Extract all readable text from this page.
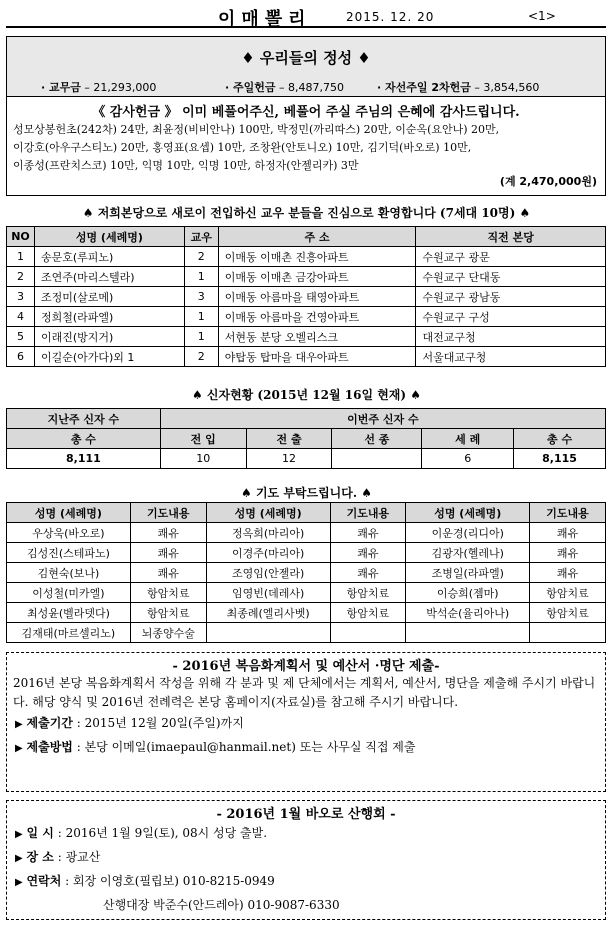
이매뽈리	2015. 12. 20	<1>
♦ 우리들의 정성 ♦
· 교무금 – 21,293,000	· 주일헌금 – 8,487,750	· 자선주일 2차헌금 – 3,854,560
《 감사헌금 》 이미 베풀어주신, 베풀어 주실 주님의 은혜에 감사드립니다.
성모상봉헌초(242차) 24만, 최윤정(비비안나) 100만, 박정민(까리따스) 20만, 이순옥(요안나) 20만,
이강호(아우구스티노) 20만, 홍영표(요셉) 10만, 조창완(안토니오) 10만, 김기덕(바오로) 10만,
이종성(프란치스코) 10만, 익명 10만, 익명 10만, 하정자(안젤리카) 3만
(계 2,470,000원)
♠ 저희본당으로 새로이 전입하신 교우 분들을 진심으로 환영합니다 (7세대 10명) ♠
NO	성명 (세례명)	교우	주 소	직전 본당
1	송문호(루피노)	2	이매동 이매촌 진흥아파트	수원교구 광문
2	조연주(마리스텔라)	1	이매동 이매촌 금강아파트	수원교구 단대동
3	조정미(살로메)	3	이매동 아름마을 태영아파트	수원교구 광남동
4	정희철(라파엘)	1	이매동 아름마을 건영아파트	수원교구 구성
5	이래진(방지거)	1	서현동 분당 오벨리스크	대전교구청
6	이길순(아가다)외 1	2	야탑동 탑마을 대우아파트	서울대교구청
♠ 신자현황 (2015년 12월 16일 현재) ♠
지난주 신자 수	이번주 신자 수				
총 수	전 입	전 출	선 종	세 례	총 수
8,111	10	12		6	8,115
♠ 기도 부탁드립니다. ♠
성명 (세례명)	기도내용	성명 (세례명)	기도내용	성명 (세례명)	기도내용
우상욱(바오로)	쾌유	정옥희(마리아)	쾌유	이운경(리디아)	쾌유
김성진(스테파노)	쾌유	이경주(마리아)	쾌유	김광자(헬레나)	쾌유
김현숙(보나)	쾌유	조영임(안젤라)	쾌유	조병일(라파엘)	쾌유
이성철(미카엘)	항암치료	임영빈(데레사)	항암치료	이승희(젬마)	항암치료
최성윤(벨라뎃다)	항암치료	최종례(엘리사벳)	항암치료	박석순(율리아나)	항암치료
김재태(마르셀리노)	뇌종양수술				
- 2016년 복음화계획서 및 예산서 ·명단 제출-

2016년 본당 복음화계획서 작성을 위해 각 분과 및 제 단체에서는 계획서, 예산서, 명단을 제출해 주시기 바랍니다. 해당 양식 및 2016년 전례력은 본당 홈페이지(자료실)를 참고해 주시기 바랍니다.

▶ 제출기간 : 2015년 12월 20일(주일)까지
▶ 제출방법 : 본당 이메일(imaepaul@hanmail.net) 또는 사무실 직접 제출
- 2016년 1월 바오로 산행회 -
▶ 일 시 : 2016년 1월 9일(토), 08시 성당 출발.
▶ 장 소 : 광교산
▶ 연락처 : 회장 이영호(필립보) 010-8215-0949
산행대장 박준수(안드레아) 010-9087-6330
